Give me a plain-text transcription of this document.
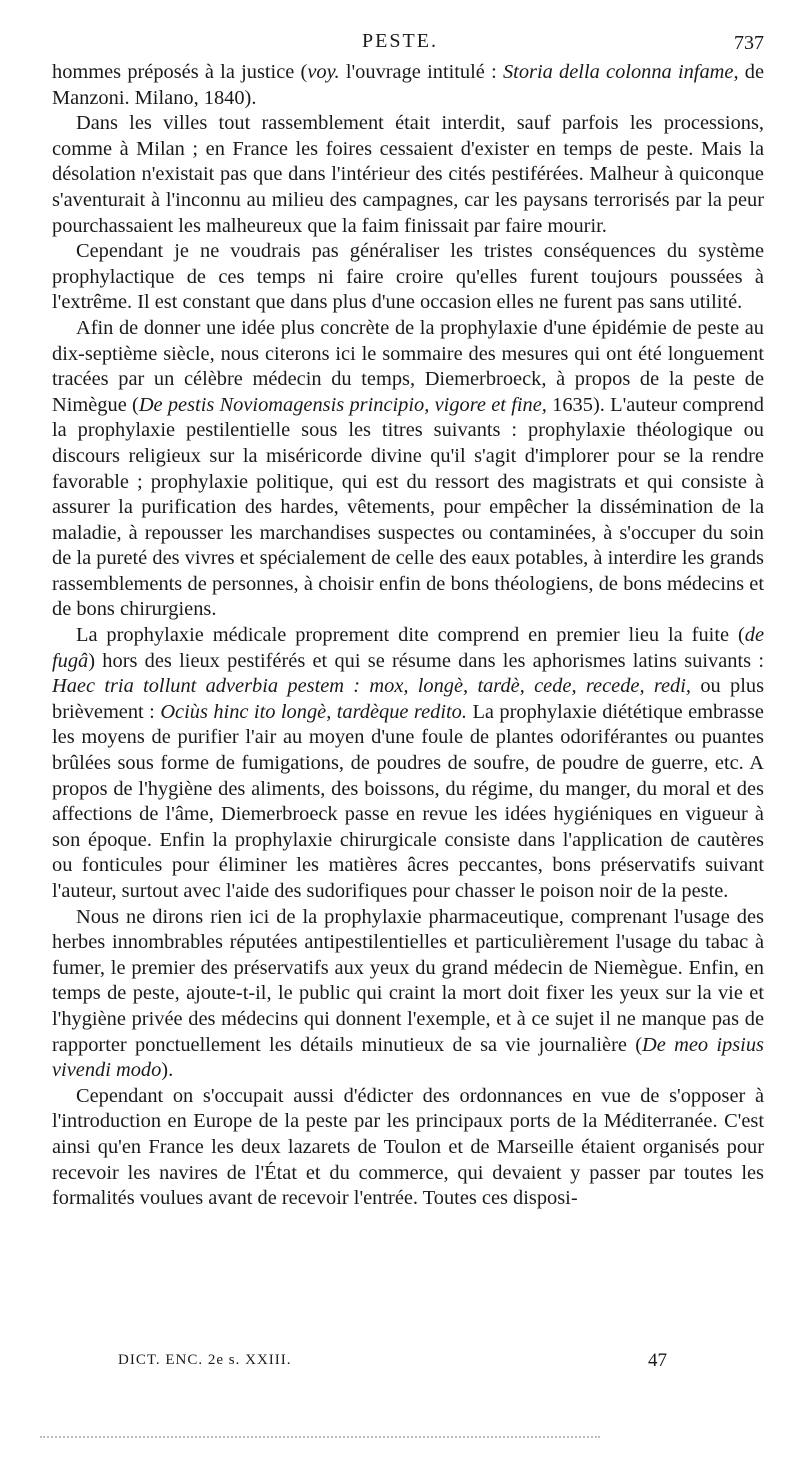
PESTE.	737

hommes préposés à la justice (voy. l'ouvrage intitulé : Storia della colonna infame, de Manzoni. Milano, 1840).

Dans les villes tout rassemblement était interdit, sauf parfois les processions, comme à Milan ; en France les foires cessaient d'exister en temps de peste. Mais la désolation n'existait pas que dans l'intérieur des cités pestiférées. Malheur à quiconque s'aventurait à l'inconnu au milieu des campagnes, car les paysans terrorisés par la peur pourchassaient les malheureux que la faim finissait par faire mourir.

Cependant je ne voudrais pas généraliser les tristes conséquences du système prophylactique de ces temps ni faire croire qu'elles furent toujours poussées à l'extrême. Il est constant que dans plus d'une occasion elles ne furent pas sans utilité.

Afin de donner une idée plus concrète de la prophylaxie d'une épidémie de peste au dix-septième siècle, nous citerons ici le sommaire des mesures qui ont été longuement tracées par un célèbre médecin du temps, Diemerbroeck, à propos de la peste de Nimègue (De pestis Noviomagensis principio, vigore et fine, 1635). L'auteur comprend la prophylaxie pestilentielle sous les titres suivants : prophylaxie théologique ou discours religieux sur la miséricorde divine qu'il s'agit d'implorer pour se la rendre favorable ; prophylaxie politique, qui est du ressort des magistrats et qui consiste à assurer la purification des hardes, vêtements, pour empêcher la dissémination de la maladie, à repousser les marchandises suspectes ou contaminées, à s'occuper du soin de la pureté des vivres et spécialement de celle des eaux potables, à interdire les grands rassemblements de personnes, à choisir enfin de bons théologiens, de bons médecins et de bons chirurgiens.

La prophylaxie médicale proprement dite comprend en premier lieu la fuite (de fugâ) hors des lieux pestiférés et qui se résume dans les aphorismes latins suivants : Haec tria tollunt adverbia pestem : mox, longè, tardè, cede, recede, redi, ou plus brièvement : Ociùs hinc ito longè, tardèque redito. La prophylaxie diététique embrasse les moyens de purifier l'air au moyen d'une foule de plantes odoriférantes ou puantes brûlées sous forme de fumigations, de poudres de soufre, de poudre de guerre, etc. A propos de l'hygiène des aliments, des boissons, du régime, du manger, du moral et des affections de l'âme, Diemerbroeck passe en revue les idées hygiéniques en vigueur à son époque. Enfin la prophylaxie chirurgicale consiste dans l'application de cautères ou fonticules pour éliminer les matières âcres peccantes, bons préservatifs suivant l'auteur, surtout avec l'aide des sudorifiques pour chasser le poison noir de la peste.

Nous ne dirons rien ici de la prophylaxie pharmaceutique, comprenant l'usage des herbes innombrables réputées antipestilentielles et particulièrement l'usage du tabac à fumer, le premier des préservatifs aux yeux du grand médecin de Niemègue. Enfin, en temps de peste, ajoute-t-il, le public qui craint la mort doit fixer les yeux sur la vie et l'hygiène privée des médecins qui donnent l'exemple, et à ce sujet il ne manque pas de rapporter ponctuellement les détails minutieux de sa vie journalière (De meo ipsius vivendi modo).

Cependant on s'occupait aussi d'édicter des ordonnances en vue de s'opposer à l'introduction en Europe de la peste par les principaux ports de la Méditerranée. C'est ainsi qu'en France les deux lazarets de Toulon et de Marseille étaient organisés pour recevoir les navires de l'État et du commerce, qui devaient y passer par toutes les formalités voulues avant de recevoir l'entrée. Toutes ces disposi-

DICT. ENC. 2e s. XXIII.	47
